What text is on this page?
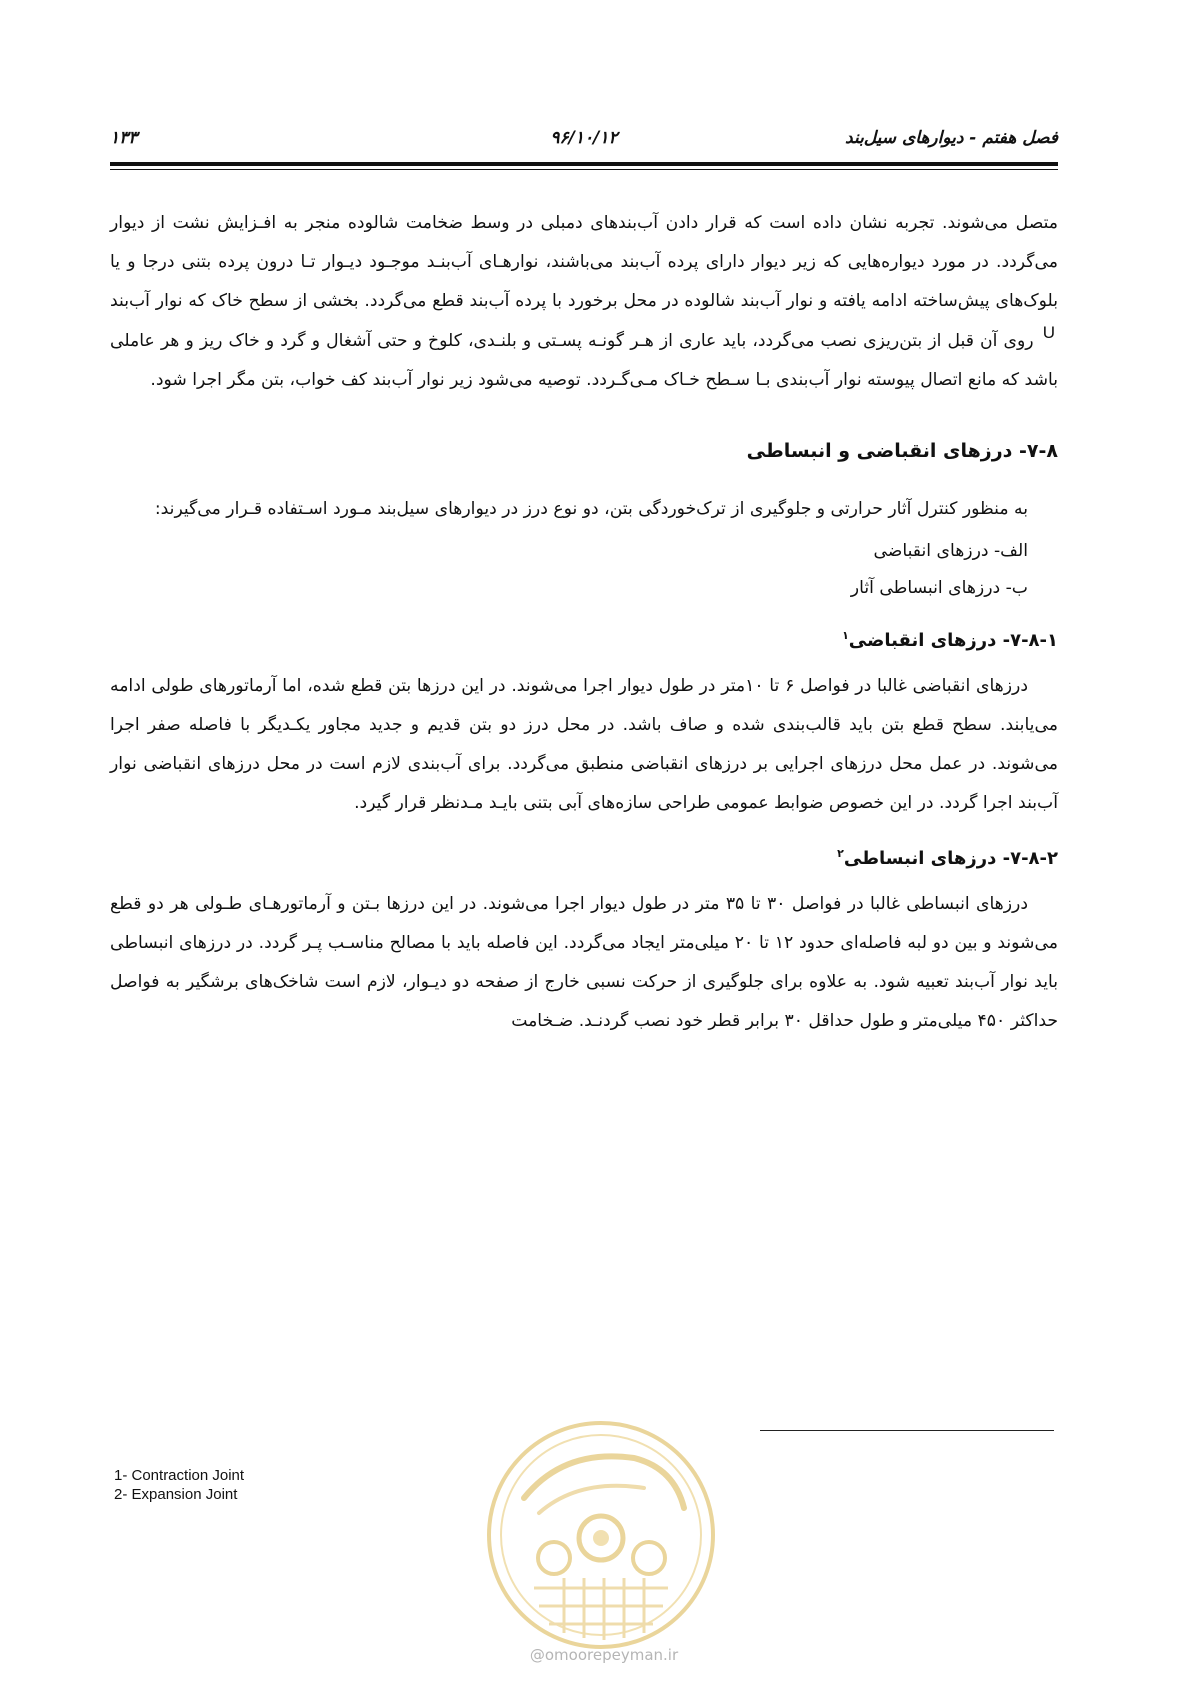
فصل هفتم - دیوارهای سیل‌بند
۹۶/۱۰/۱۲
۱۳۳

متصل می‌شوند. تجربه نشان داده است که قرار دادن آب‌بندهای دمبلی در وسط ضخامت شالوده منجر به افـزایش نشت از دیوار می‌گردد. در مورد دیواره‌هایی که زیر دیوار دارای پرده آب‌بند می‌باشند، نوارهـای آب‌بنـد موجـود دیـوار تـا درون پرده بتنی درجا و یا بلوک‌های پیش‌ساخته ادامه یافته و نوار آب‌بند شالوده در محل برخورد با پرده آب‌بند قطع می‌گردد. بخشی از سطح خاک که نوار آب‌بند U روی آن قبل از بتن‌ریزی نصب می‌گردد، باید عاری از هـر گونـه پسـتی و بلنـدی، کلوخ و حتی آشغال و گرد و خاک ریز و هر عاملی باشد که مانع اتصال پیوسته نوار آب‌بندی بـا سـطح خـاک مـی‌گـردد. توصیه می‌شود زیر نوار آب‌بند کف خواب، بتن مگر اجرا شود.

۷-۸- درزهای انقباضی و انبساطی

به منظور کنترل آثار حرارتی و جلوگیری از ترک‌خوردگی بتن، دو نوع درز در دیوارهای سیل‌بند مـورد اسـتفاده قـرار می‌گیرند:

الف- درزهای انقباضی
ب- درزهای انبساطی آثار
۷-۸-۱- درزهای انقباضی$^۱$

درزهای انقباضی غالبا در فواصل ۶ تا ۱۰متر در طول دیوار اجرا می‌شوند. در این درزها بتن قطع شده، اما آرماتورهای طولی ادامه می‌یابند. سطح قطع بتن باید قالب‌بندی شده و صاف باشد. در محل درز دو بتن قدیم و جدید مجاور یکـدیگر با فاصله صفر اجرا می‌شوند. در عمل محل درزهای اجرایی بر درزهای انقباضی منطبق می‌گردد. برای آب‌بندی لازم است در محل درزهای انقباضی نوار آب‌بند اجرا گردد. در این خصوص ضوابط عمومی طراحی سازه‌های آبی بتنی بایـد مـدنظر قرار گیرد.

۷-۸-۲- درزهای انبساطی$^۲$

درزهای انبساطی غالبا در فواصل ۳۰ تا ۳۵ متر در طول دیوار اجرا می‌شوند. در این درزها بـتن و آرماتورهـای طـولی هر دو قطع می‌شوند و بین دو لبه فاصله‌ای حدود ۱۲ تا ۲۰ میلی‌متر ایجاد می‌گردد. این فاصله باید با مصالح مناسـب پـر گردد. در درزهای انبساطی باید نوار آب‌بند تعبیه شود. به علاوه برای جلوگیری از حرکت نسبی خارج از صفحه دو دیـوار، لازم است شاخک‌های برشگیر به فواصل حداکثر ۴۵۰ میلی‌متر و طول حداقل ۳۰ برابر قطر خود نصب گردنـد. ضـخامت

1- Contraction Joint
2- Expansion Joint
@omoorepeyman.ir
